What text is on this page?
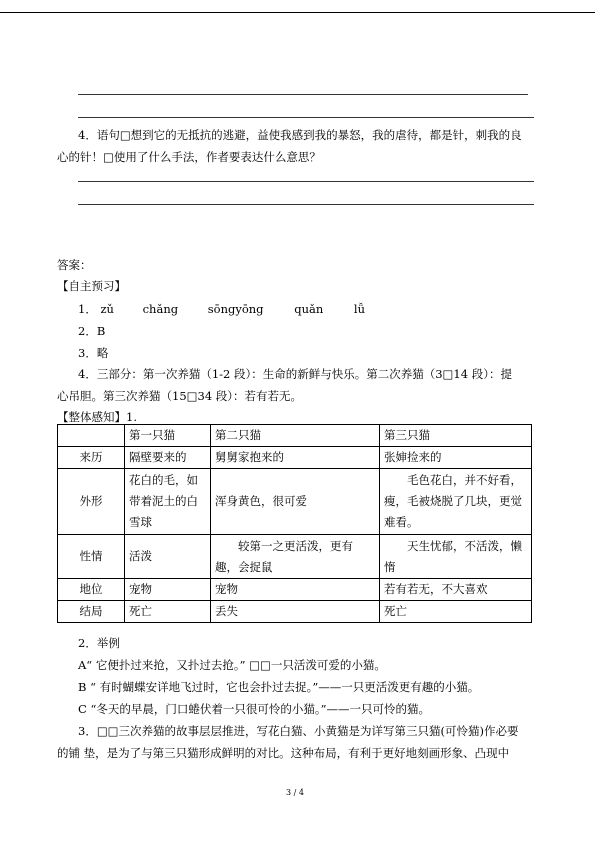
4．语句□想到它的无抵抗的逃避，益使我感到我的暴怒，我的虐待，都是针，刺我的良
心的针！□使用了什么手法，作者要表达什么意思？
答案：
【自主预习】
1． zǔ chǎng	sōngyōng	quǎn	lǚ
2．B
3．略
4．三部分：第一次养猫（1-2 段）：生命的新鲜与快乐。第二次养猫（3□14 段）：提
心吊胆。第三次养猫（15□34 段）：若有若无。
【整体感知】1.
	第一只猫	第二只猫	第三只猫
来历	隔壁要来的	舅舅家抱来的	张婶捡来的
外形	花白的毛，如带着泥土的白雪球	浑身黄色，很可爱	毛色花白，并不好看，瘦，毛被烧脱了几块，更觉难看。
性情	活泼	较第一之更活泼，更有趣，会捉鼠	天生忧郁，不活泼，懒惰
地位	宠物	宠物	若有若无，不大喜欢
结局	死亡	丢失	死亡
2．举例
A“ 它便扑过来抢，又扑过去抢。” □□一只活泼可爱的小猫。
B “ 有时蝴蝶安详地飞过时，它也会扑过去捉。”——一只更活泼更有趣的小猫。
C “冬天的早晨，门口蜷伏着一只很可怜的小猫。”——一只可怜的猫。
3．□□三次养猫的故事层层推进，写花白猫、小黄猫是为详写第三只猫(可怜猫)作必要
的铺 垫，是为了与第三只猫形成鲜明的对比。这种布局，有利于更好地刻画形象、凸现中
3 / 4
